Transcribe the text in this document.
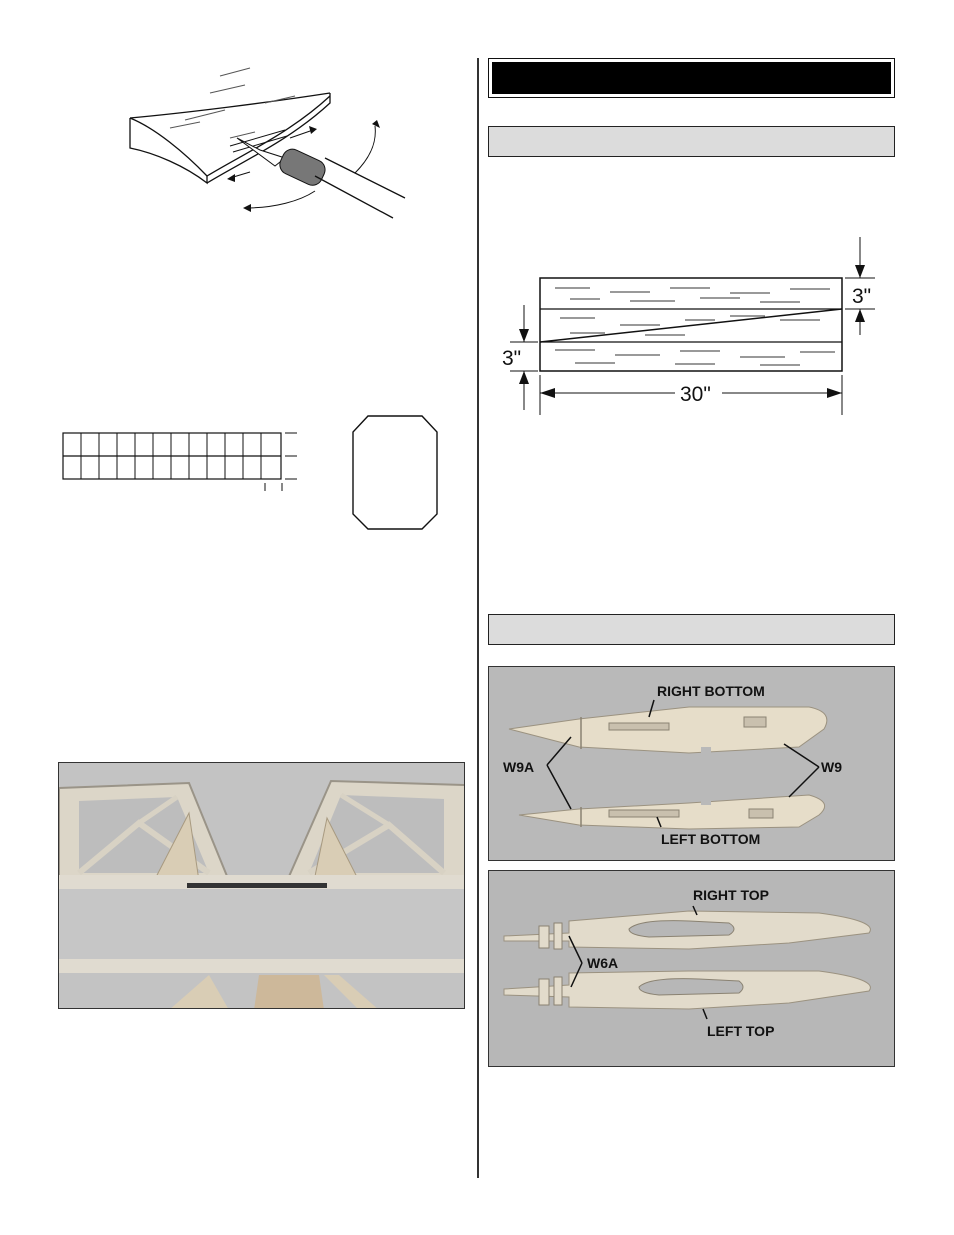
3"
3"
30"
RIGHT BOTTOM
W9A	W9
LEFT BOTTOM
RIGHT TOP
W6A
LEFT TOP
